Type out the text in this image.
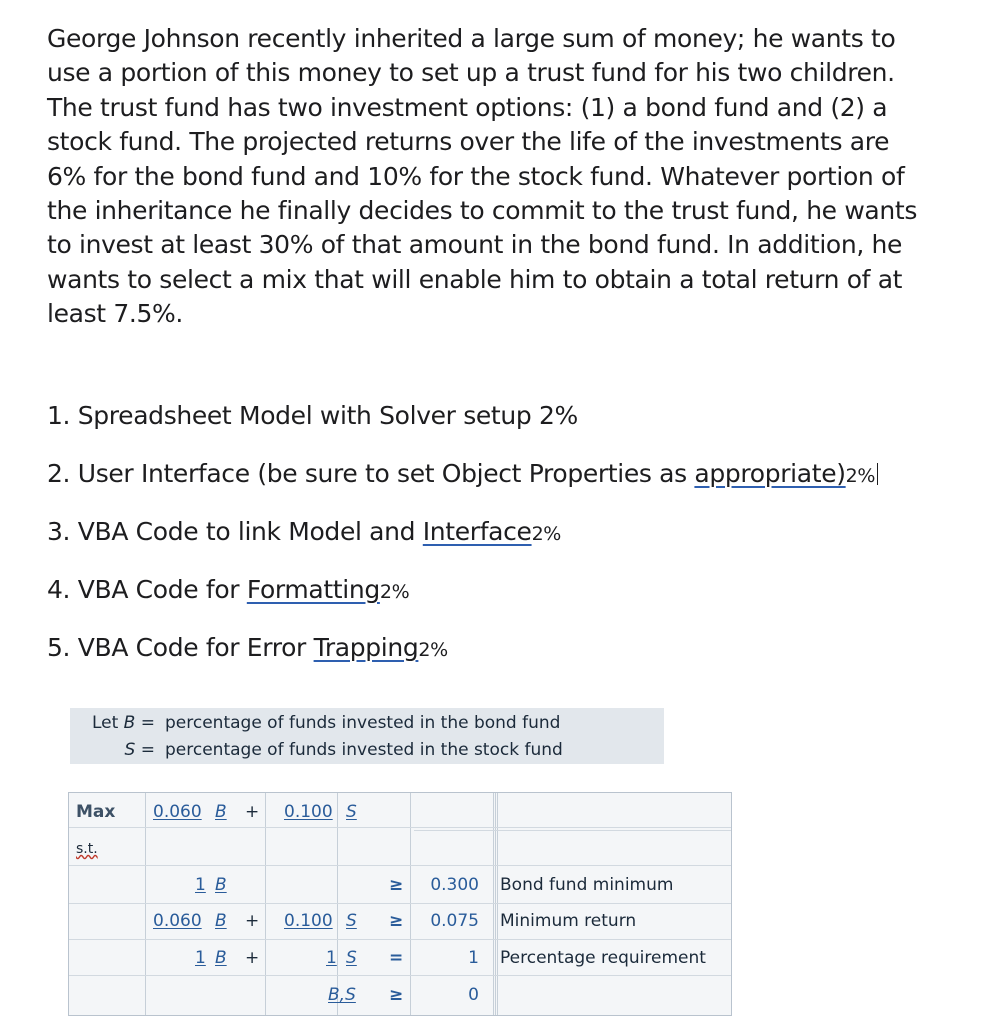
George Johnson recently inherited a large sum of money; he wants to
use a portion of this money to set up a trust fund for his two children.
The trust fund has two investment options: (1) a bond fund and (2) a
stock fund. The projected returns over the life of the investments are
6% for the bond fund and 10% for the stock fund. Whatever portion of
the inheritance he finally decides to commit to the trust fund, he wants
to invest at least 30% of that amount in the bond fund. In addition, he
wants to select a mix that will enable him to obtain a total return of at
least 7.5%.
1. Spreadsheet Model with Solver setup 2%
2. User Interface (be sure to set Object Properties as appropriate)2%
3. VBA Code to link Model and Interface2%
4. VBA Code for Formatting2%
5. VBA Code for Error Trapping2%
Let B = percentage of funds invested in the bond fund
S = percentage of funds invested in the stock fund
Max 0.060 B + 0.100 S
s.t.
1 B	≥	0.300 Bond fund minimum
0.060 B + 0.100 S ≥	0.075 Minimum return
1 B +	1 S =	1 Percentage requirement
B,S ≥	0
